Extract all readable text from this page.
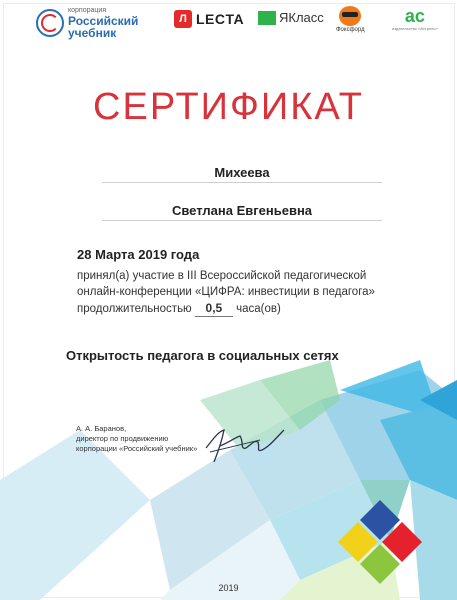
корпорация
Российский учебник
Л LECTA	ЯКласс
Фоксфорд
ас
издательство «Астрель»
СЕРТИФИКАТ
Михеева
Светлана Евгеньевна
28 Марта 2019 года
принял(а) участие в III Всероссийской педагогической
онлайн-конференции «ЦИФРА: инвестиции в педагога»
продолжительностью 0,5 часа(ов)
Открытость педагога в социальных сетях
А. А. Баранов,
директор по продвижению
корпорации «Российский учебник»
2019
